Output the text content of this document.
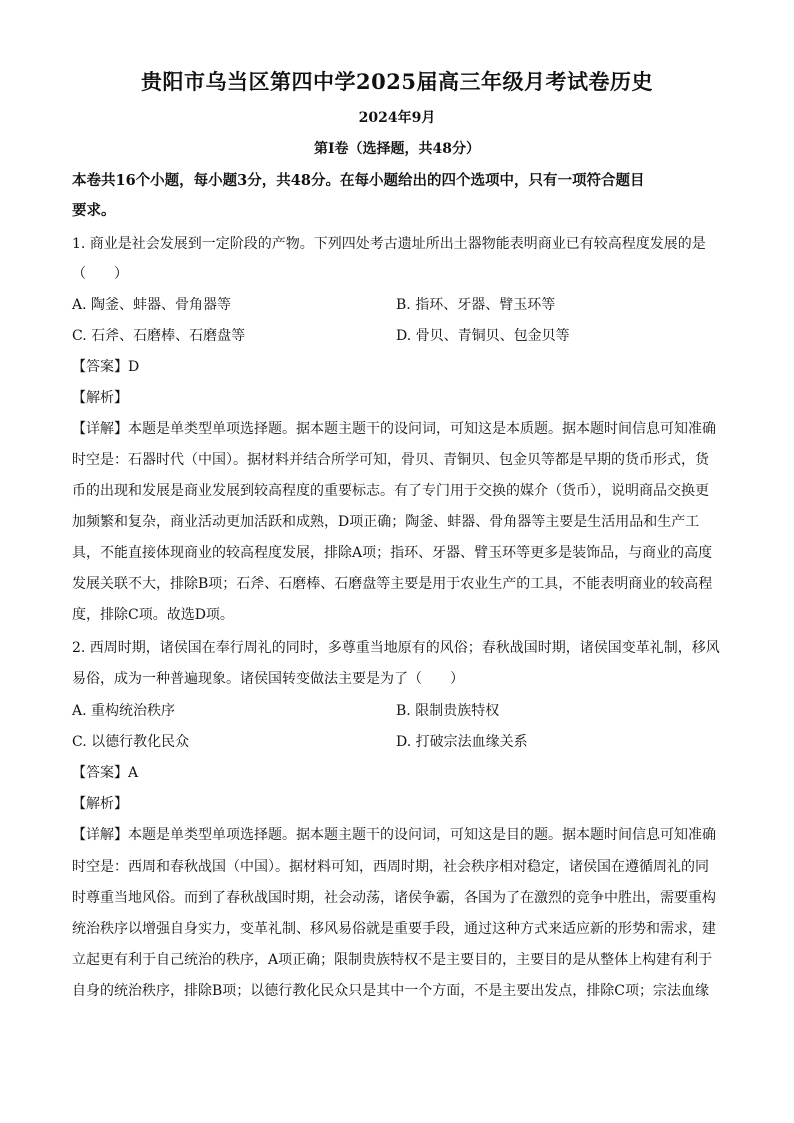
贵阳市乌当区第四中学2025届高三年级月考试卷历史
2024年9月
第Ⅰ卷（选择题，共48分）
本卷共16个小题，每小题3分，共48分。在每小题给出的四个选项中，只有一项符合题目
要求。
1. 商业是社会发展到一定阶段的产物。下列四处考古遗址所出土器物能表明商业已有较高程度发展的是
（　　）
A. 陶釜、蚌器、骨角器等	B. 指环、牙器、臂玉环等
C. 石斧、石磨棒、石磨盘等	D. 骨贝、青铜贝、包金贝等
【答案】D
【解析】
【详解】本题是单类型单项选择题。据本题主题干的设问词，可知这是本质题。据本题时间信息可知准确
时空是：石器时代（中国）。据材料并结合所学可知，骨贝、青铜贝、包金贝等都是早期的货币形式，货
币的出现和发展是商业发展到较高程度的重要标志。有了专门用于交换的媒介（货币），说明商品交换更
加频繁和复杂，商业活动更加活跃和成熟，D项正确；陶釜、蚌器、骨角器等主要是生活用品和生产工
具，不能直接体现商业的较高程度发展，排除A项；指环、牙器、臂玉环等更多是装饰品，与商业的高度
发展关联不大，排除B项；石斧、石磨棒、石磨盘等主要是用于农业生产的工具，不能表明商业的较高程
度，排除C项。故选D项。
2. 西周时期，诸侯国在奉行周礼的同时，多尊重当地原有的风俗；春秋战国时期，诸侯国变革礼制，移风
易俗，成为一种普遍现象。诸侯国转变做法主要是为了（　　）
A. 重构统治秩序	B. 限制贵族特权
C. 以德行教化民众	D. 打破宗法血缘关系
【答案】A
【解析】
【详解】本题是单类型单项选择题。据本题主题干的设问词，可知这是目的题。据本题时间信息可知准确
时空是：西周和春秋战国（中国）。据材料可知，西周时期，社会秩序相对稳定，诸侯国在遵循周礼的同
时尊重当地风俗。而到了春秋战国时期，社会动荡，诸侯争霸，各国为了在激烈的竞争中胜出，需要重构
统治秩序以增强自身实力，变革礼制、移风易俗就是重要手段，通过这种方式来适应新的形势和需求，建
立起更有利于自己统治的秩序，A项正确；限制贵族特权不是主要目的，主要目的是从整体上构建有利于
自身的统治秩序，排除B项；以德行教化民众只是其中一个方面，不是主要出发点，排除C项；宗法血缘
